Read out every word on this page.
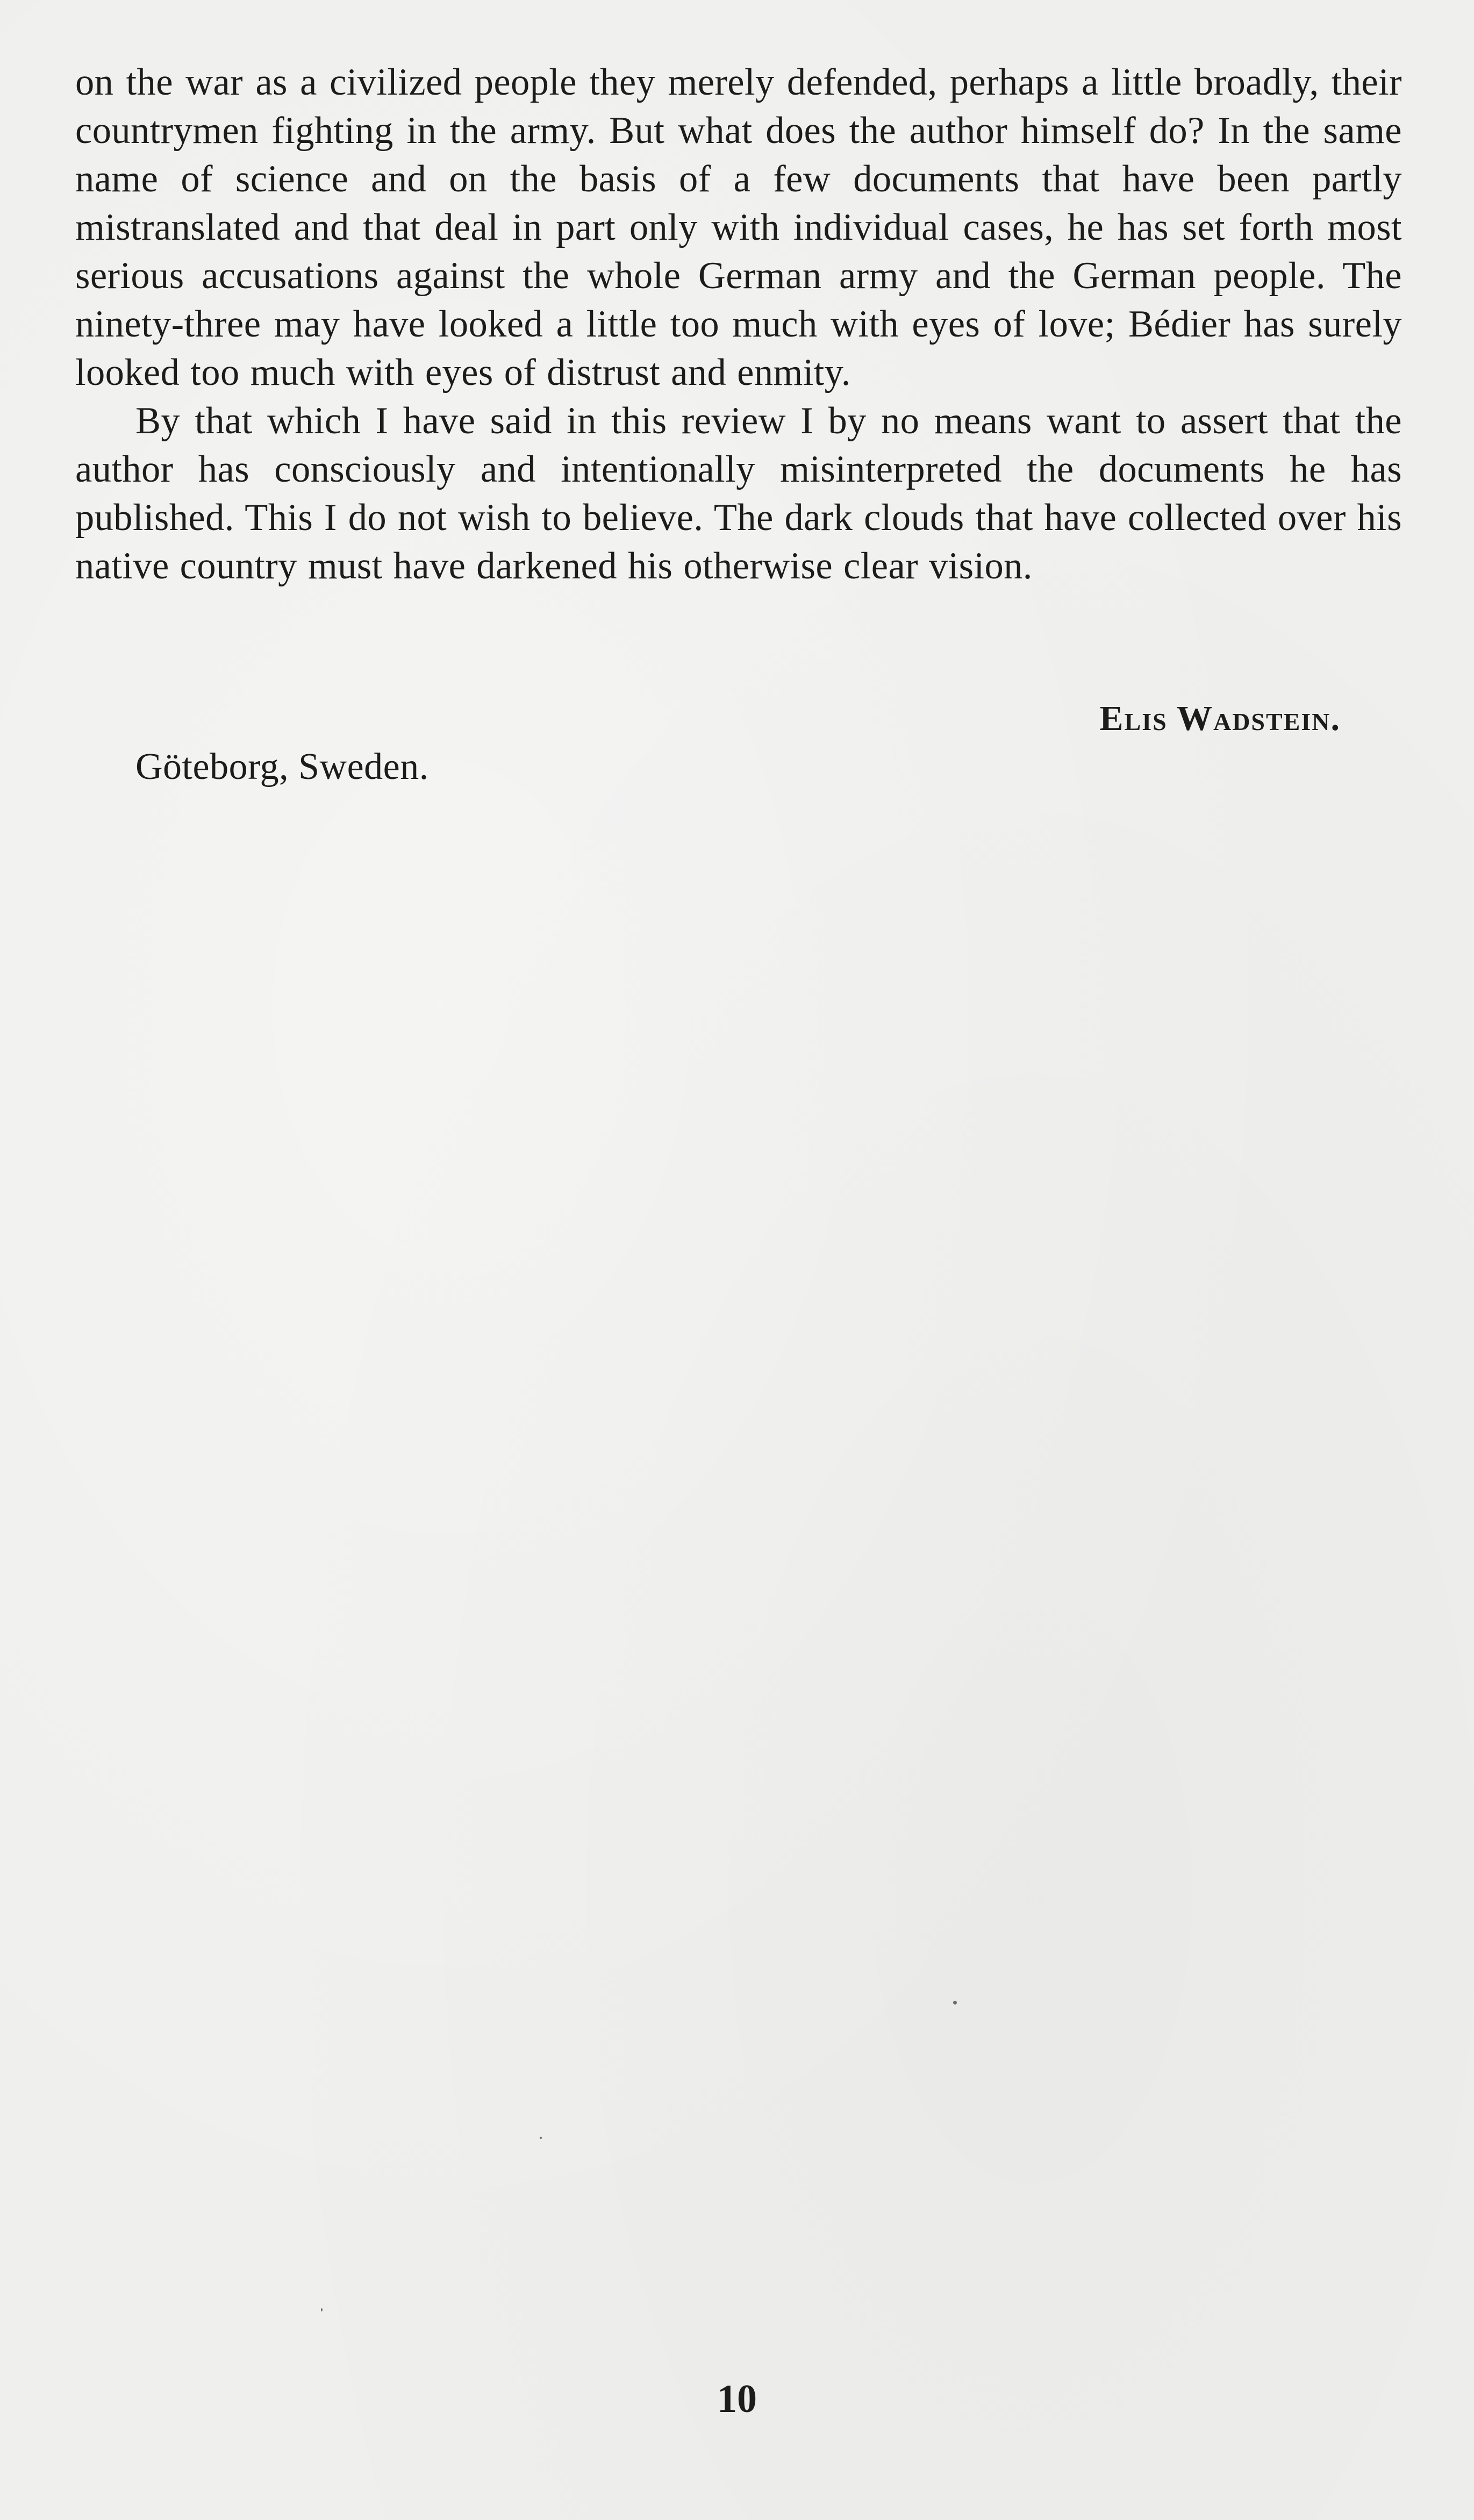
on the war as a civilized people they merely defended, perhaps a little broadly, their countrymen fighting in the army. But what does the author himself do? In the same name of science and on the basis of a few documents that have been partly mistranslated and that deal in part only with individual cases, he has set forth most serious accusations against the whole German army and the German people. The ninety-three may have looked a little too much with eyes of love; Bédier has surely looked too much with eyes of distrust and enmity.

By that which I have said in this review I by no means want to assert that the author has consciously and intentionally misinterpreted the documents he has published. This I do not wish to believe. The dark clouds that have collected over his native country must have darkened his otherwise clear vision.

Elis Wadstein.
Göteborg, Sweden.
10
